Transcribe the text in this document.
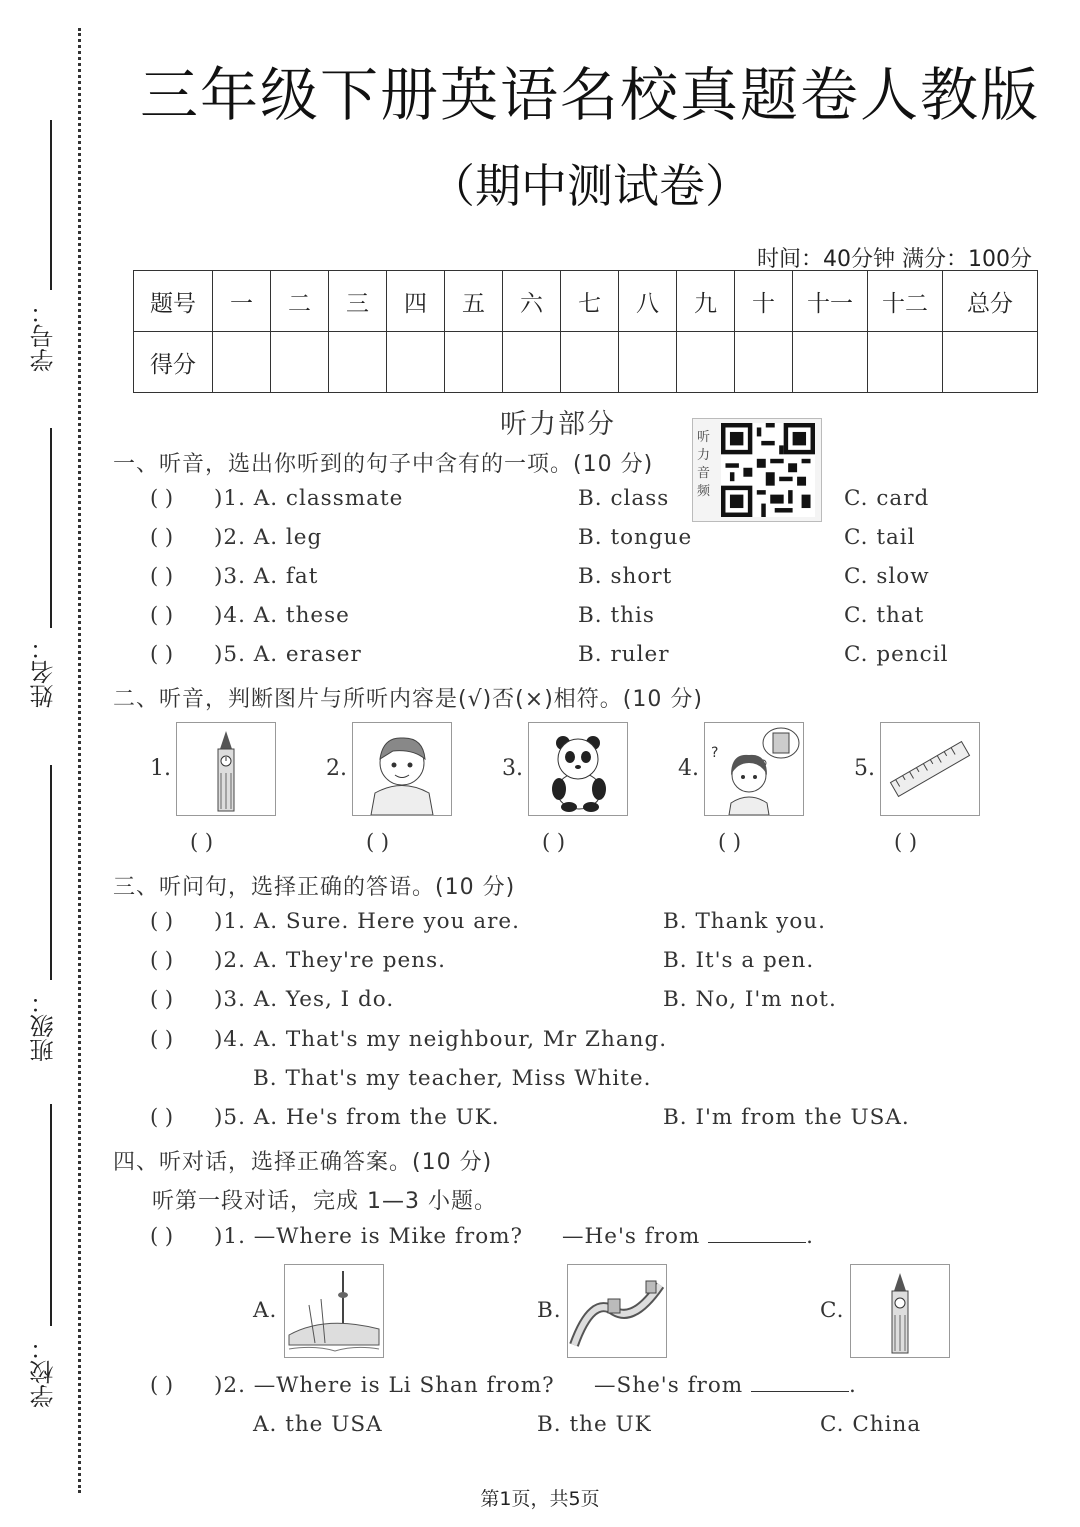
学号：
姓名：
班级：
学校：
三年级下册英语名校真题卷人教版
（期中测试卷）
时间：40分钟 满分：100分
题号	一	二	三	四	五	六	七	八	九	十	十一	十二	总分
得分													
听力部分	听力音频
一、听音，选出你听到的句子中含有的一项。(10 分)
( ) )1. A. classmate	B. class	C. card
( ) )2. A. leg	B. tongue	C. tail
( ) )3. A. fat	B. short	C. slow
( ) )4. A. these	B. this	C. that
( ) )5. A. eraser	B. ruler	C. pencil
二、听音，判断图片与所听内容是(√)否(×)相符。(10 分)
1.
( )
2.
( )
3.
( )
4.
?
( )
5.
( )
三、听问句，选择正确的答语。(10 分)
( ) )1. A. Sure. Here you are.	B. Thank you.
( ) )2. A. They're pens.	B. It's a pen.
( ) )3. A. Yes, I do.	B. No, I'm not.
( ) )4. A. That's my neighbour, Mr Zhang.
B. That's my teacher, Miss White.
( ) )5. A. He's from the UK.	B. I'm from the USA.
四、听对话，选择正确答案。(10 分)
听第一段对话，完成 1—3 小题。
( ) )1. —Where is Mike from? —He's from	.
A.	B.	C.
( ) )2. —Where is Li Shan from? —She's from	.
A. the USA	B. the UK	C. China
第1页，共5页
